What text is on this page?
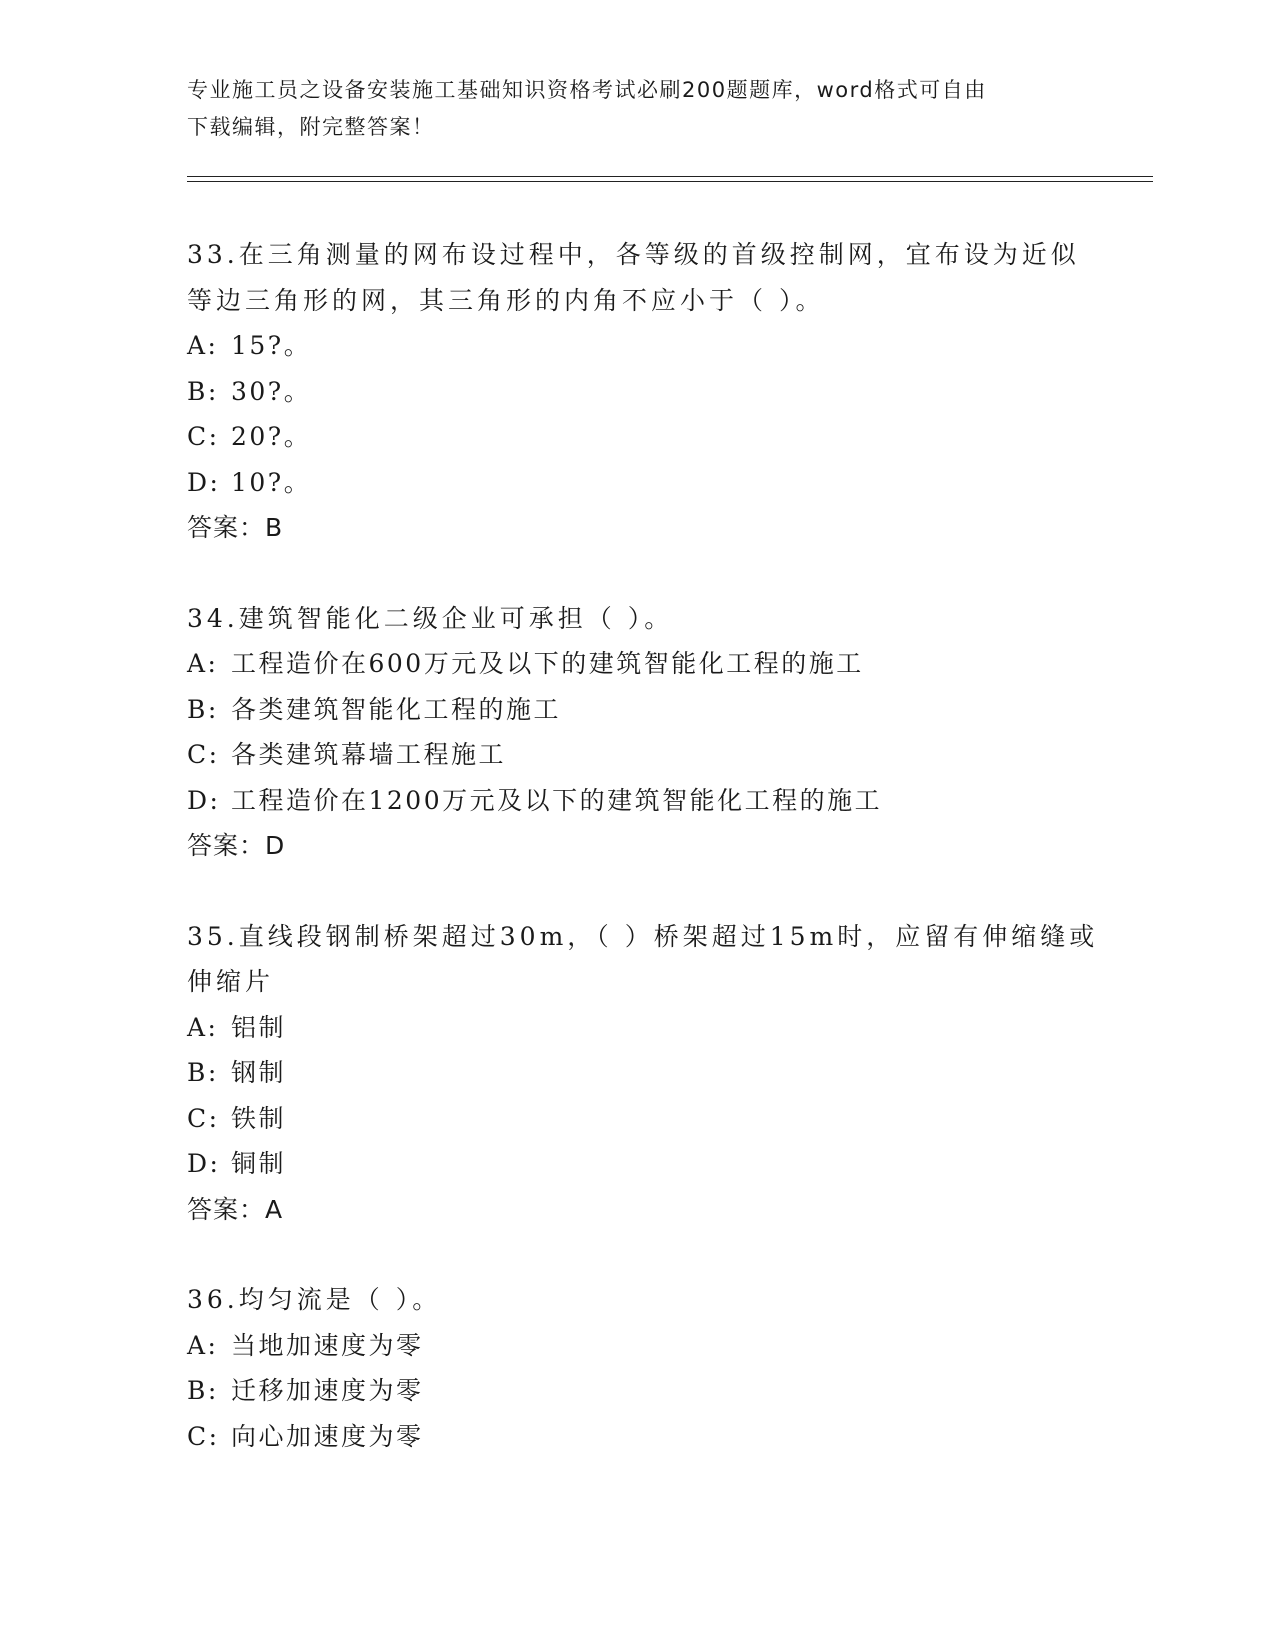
专业施工员之设备安装施工基础知识资格考试必刷200题题库，word格式可自由
下载编辑，附完整答案！
33.在三角测量的网布设过程中，各等级的首级控制网，宜布设为近似
等边三角形的网，其三角形的内角不应小于（ ）。
A: 15?。
B: 30?。
C: 20?。
D: 10?。
答案：B
34.建筑智能化二级企业可承担（ ）。
A: 工程造价在600万元及以下的建筑智能化工程的施工
B: 各类建筑智能化工程的施工
C: 各类建筑幕墙工程施工
D: 工程造价在1200万元及以下的建筑智能化工程的施工
答案：D
35.直线段钢制桥架超过30m，（ ）桥架超过15m时，应留有伸缩缝或
伸缩片
A: 铝制
B: 钢制
C: 铁制
D: 铜制
答案：A
36.均匀流是（ ）。
A: 当地加速度为零
B: 迁移加速度为零
C: 向心加速度为零
